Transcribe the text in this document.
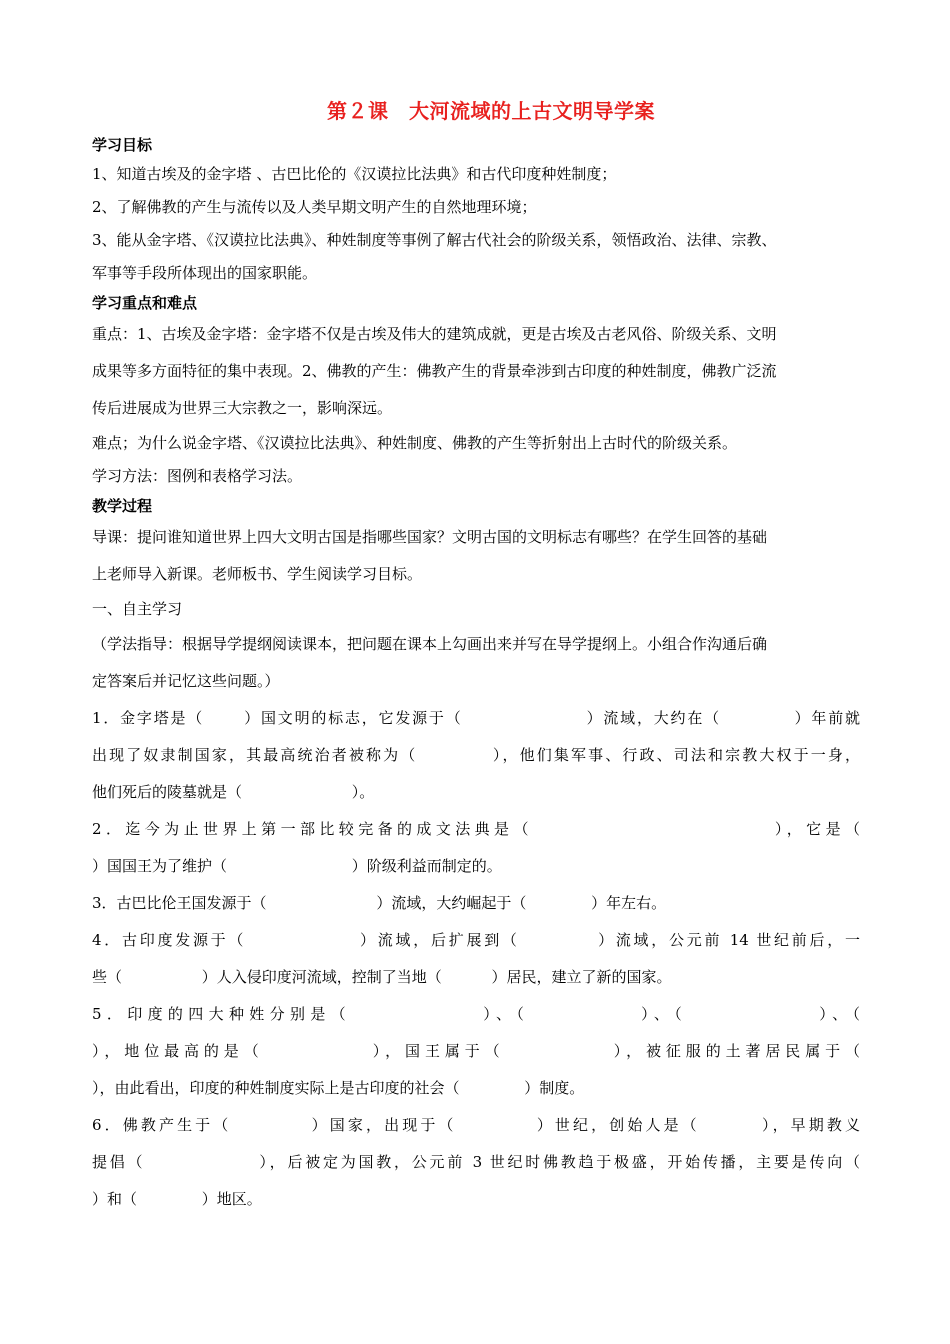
第２课　大河流域的上古文明导学案
学习目标

1、知道古埃及的金字塔 、古巴比伦的《汉谟拉比法典》和古代印度种姓制度；

2、了解佛教的产生与流传以及人类早期文明产生的自然地理环境；

3、能从金字塔、《汉谟拉比法典》、种姓制度等事例了解古代社会的阶级关系，领悟政治、法律、宗教、

军事等手段所体现出的国家职能。

学习重点和难点

重点：1、古埃及金字塔：金字塔不仅是古埃及伟大的建筑成就，更是古埃及古老风俗、阶级关系、文明

成果等多方面特征的集中表现。2、佛教的产生：佛教产生的背景牵涉到古印度的种姓制度，佛教广泛流

传后进展成为世界三大宗教之一，影响深远。

难点；为什么说金字塔、《汉谟拉比法典》、种姓制度、佛教的产生等折射出上古时代的阶级关系。

学习方法：图例和表格学习法。

教学过程

导课：提问谁知道世界上四大文明古国是指哪些国家？文明古国的文明标志有哪些？在学生回答的基础

上老师导入新课。老师板书、学生阅读学习目标。

一、自主学习

（学法指导：根据导学提纲阅读课本，把问题在课本上勾画出来并写在导学提纲上。小组合作沟通后确

定答案后并记忆这些问题。）

1．金字塔是（　　 ）国文明的标志，它发源于（　　　　　　　 ）流域，大约在（　　　　 ）年前就

出现了奴隶制国家，其最高统治者被称为（　　　　 ），他们集军事、行政、司法和宗教大权于一身，

他们死后的陵墓就是（　　　　　　　 ）。

2．迄今为止世界上第一部比较完备的成文法典是（　　　　　　　　　　　　 ），它是（

）国国王为了维护（　　　　　　　　 ）阶级利益而制定的。

3．古巴比伦王国发源于（　　　　　　　 ）流域，大约崛起于（　　　　 ）年左右。

4．古印度发源于（　　　　　　 ）流域，后扩展到（　　　　 ）流域，公元前 14 世纪前后，一

些（　　　　　 ）人入侵印度河流域，控制了当地（　　　 ）居民，建立了新的国家。

5．印度的四大种姓分别是（　　　　　　 ）、（　　　　　 ）、（　　　　　　 ）、（

），地位最高的是（　　　　　 ），国王属于（　　　　　 ），被征服的土著居民属于（

），由此看出，印度的种姓制度实际上是古印度的社会（　　　　 ）制度。

6．佛教产生于（　　　　 ）国家，出现于（　　　　 ）世纪，创始人是（　　　 ），早期教义

提倡（　　　　　　 ），后被定为国教，公元前 3 世纪时佛教趋于极盛，开始传播，主要是传向（

）和（　　　　 ）地区。
